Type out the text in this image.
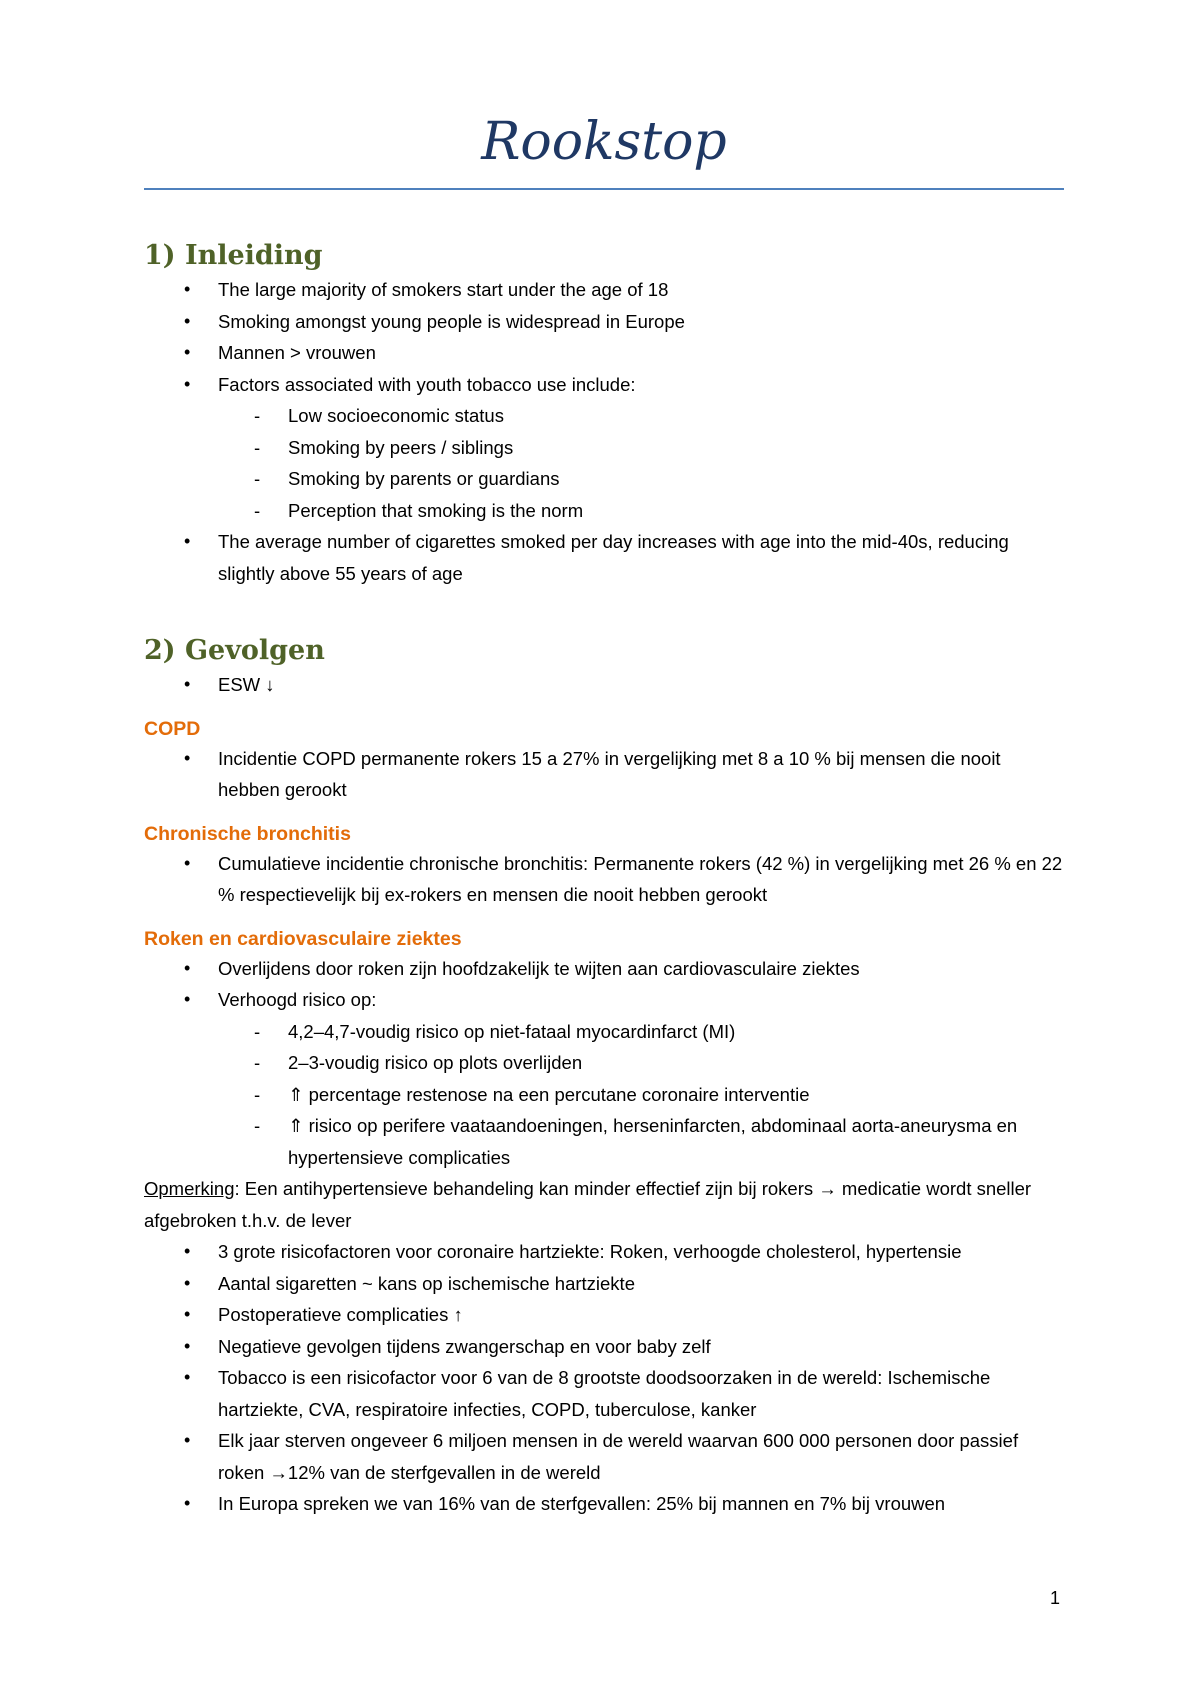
Rookstop
1) Inleiding
• The large majority of smokers start under the age of 18
• Smoking amongst young people is widespread in Europe
• Mannen > vrouwen
• Factors associated with youth tobacco use include:
- Low socioeconomic status
- Smoking by peers / siblings
- Smoking by parents or guardians
- Perception that smoking is the norm
• The average number of cigarettes smoked per day increases with age into the mid-40s, reducing slightly above 55 years of age
2) Gevolgen
• ESW ↓
COPD
• Incidentie COPD permanente rokers 15 a 27% in vergelijking met 8 a 10 % bij mensen die nooit hebben gerookt
Chronische bronchitis
• Cumulatieve incidentie chronische bronchitis: Permanente rokers (42 %) in vergelijking met 26 % en 22 % respectievelijk bij ex-rokers en mensen die nooit hebben gerookt
Roken en cardiovasculaire ziektes
• Overlijdens door roken zijn hoofdzakelijk te wijten aan cardiovasculaire ziektes
• Verhoogd risico op:
- 4,2–4,7-voudig risico op niet-fataal myocardinfarct (MI)
- 2–3-voudig risico op plots overlijden
- ⇑ percentage restenose na een percutane coronaire interventie
- ⇑ risico op perifere vaataandoeningen, herseninfarcten, abdominaal aorta-aneurysma en hypertensieve complicaties

Opmerking: Een antihypertensieve behandeling kan minder effectief zijn bij rokers → medicatie wordt sneller afgebroken t.h.v. de lever

• 3 grote risicofactoren voor coronaire hartziekte: Roken, verhoogde cholesterol, hypertensie
• Aantal sigaretten ~ kans op ischemische hartziekte
• Postoperatieve complicaties ↑
• Negatieve gevolgen tijdens zwangerschap en voor baby zelf
• Tobacco is een risicofactor voor 6 van de 8 grootste doodsoorzaken in de wereld: Ischemische hartziekte, CVA, respiratoire infecties, COPD, tuberculose, kanker
• Elk jaar sterven ongeveer 6 miljoen mensen in de wereld waarvan 600 000 personen door passief roken →12% van de sterfgevallen in de wereld
• In Europa spreken we van 16% van de sterfgevallen: 25% bij mannen en 7% bij vrouwen
1
